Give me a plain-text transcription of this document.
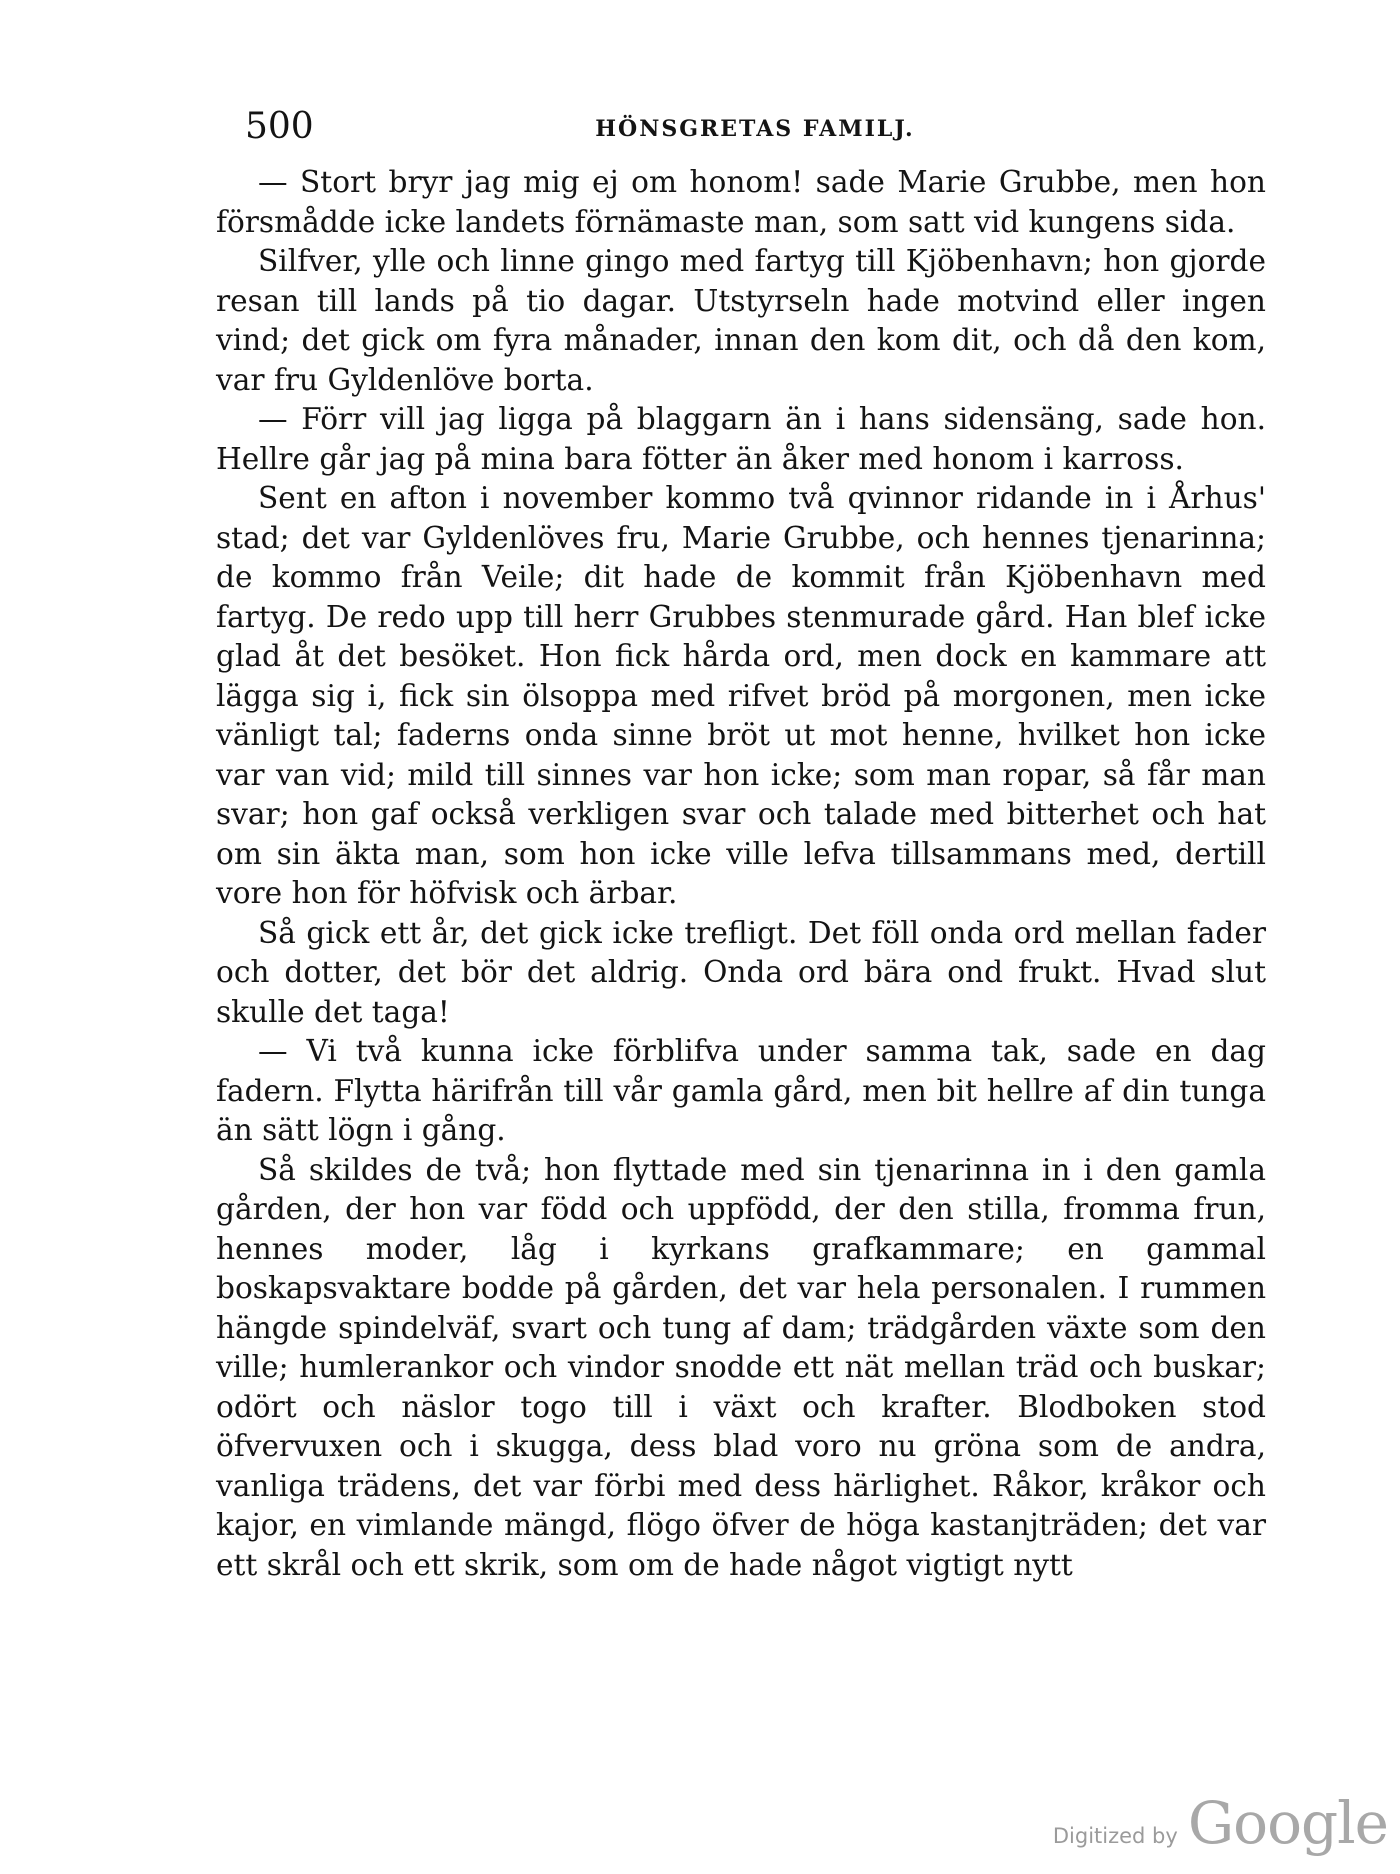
500	HÖNSGRETAS FAMILJ.

— Stort bryr jag mig ej om honom! sade Marie Grubbe, men hon försmådde icke landets förnämaste man, som satt vid kungens sida.

Silfver, ylle och linne gingo med fartyg till Kjöbenhavn; hon gjorde resan till lands på tio dagar. Utstyrseln hade motvind eller ingen vind; det gick om fyra månader, innan den kom dit, och då den kom, var fru Gyldenlöve borta.

— Förr vill jag ligga på blaggarn än i hans sidensäng, sade hon. Hellre går jag på mina bara fötter än åker med honom i karross.

Sent en afton i november kommo två qvinnor ridande in i Århus' stad; det var Gyldenlöves fru, Marie Grubbe, och hennes tjenarinna; de kommo från Veile; dit hade de kommit från Kjöbenhavn med fartyg. De redo upp till herr Grubbes stenmurade gård. Han blef icke glad åt det besöket. Hon fick hårda ord, men dock en kammare att lägga sig i, fick sin ölsoppa med rifvet bröd på morgonen, men icke vänligt tal; faderns onda sinne bröt ut mot henne, hvilket hon icke var van vid; mild till sinnes var hon icke; som man ropar, så får man svar; hon gaf också verkligen svar och talade med bitterhet och hat om sin äkta man, som hon icke ville lefva tillsammans med, dertill vore hon för höfvisk och ärbar.

Så gick ett år, det gick icke trefligt. Det föll onda ord mellan fader och dotter, det bör det aldrig. Onda ord bära ond frukt. Hvad slut skulle det taga!

— Vi två kunna icke förblifva under samma tak, sade en dag fadern. Flytta härifrån till vår gamla gård, men bit hellre af din tunga än sätt lögn i gång.

Så skildes de två; hon flyttade med sin tjenarinna in i den gamla gården, der hon var född och uppfödd, der den stilla, fromma frun, hennes moder, låg i kyrkans grafkammare; en gammal boskapsvaktare bodde på gården, det var hela personalen. I rummen hängde spindelväf, svart och tung af dam; trädgården växte som den ville; humlerankor och vindor snodde ett nät mellan träd och buskar; odört och näslor togo till i växt och krafter. Blodboken stod öfvervuxen och i skugga, dess blad voro nu gröna som de andra, vanliga trädens, det var förbi med dess härlighet. Råkor, kråkor och kajor, en vimlande mängd, flögo öfver de höga kastanjträden; det var ett skrål och ett skrik, som om de hade något vigtigt nytt

Digitized by Google
